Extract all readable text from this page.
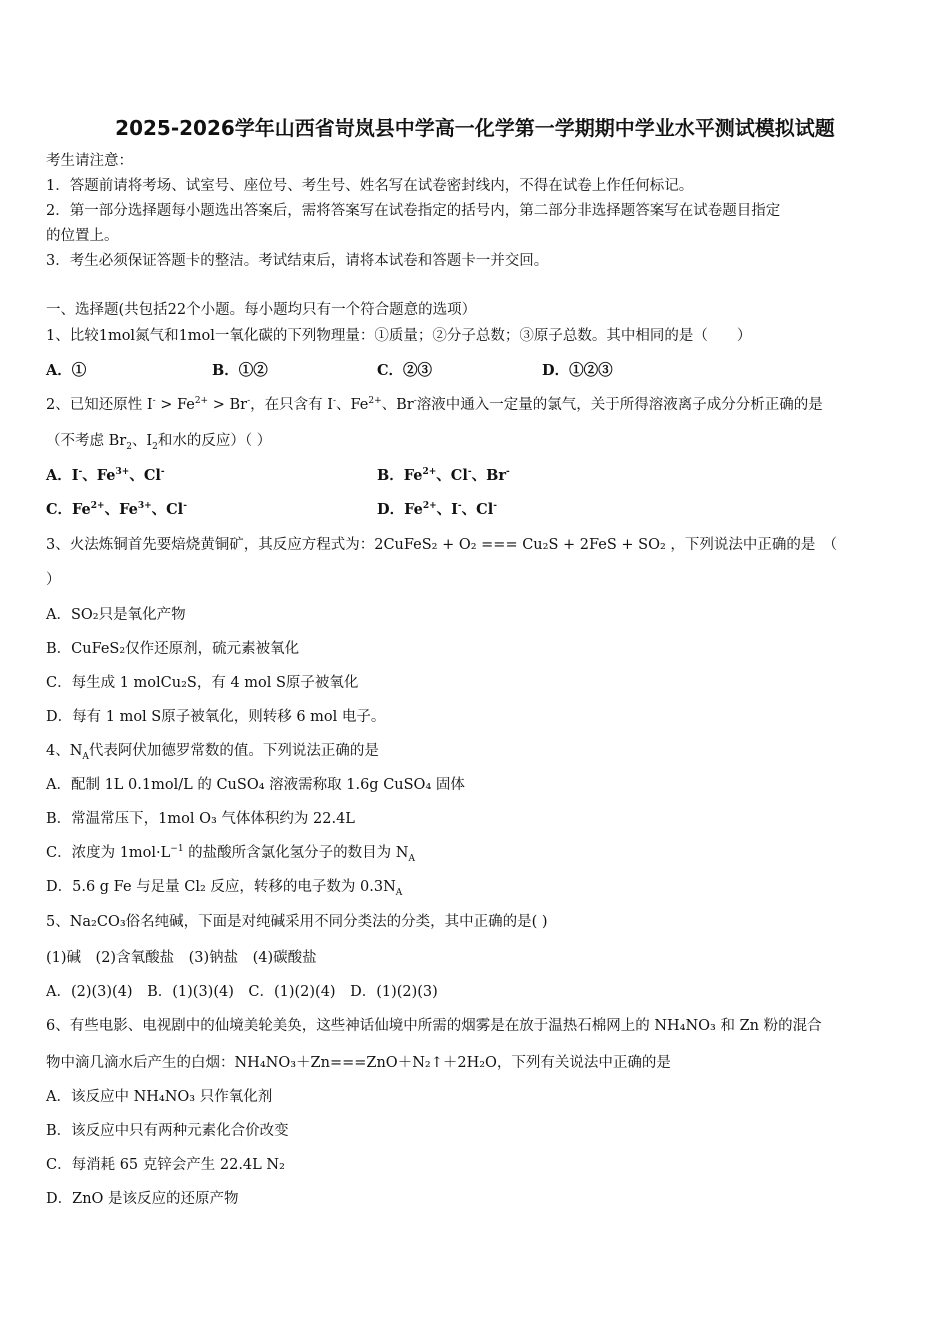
2025-2026学年山西省岢岚县中学高一化学第一学期期中学业水平测试模拟试题
考生请注意：
1．答题前请将考场、试室号、座位号、考生号、姓名写在试卷密封线内，不得在试卷上作任何标记。
2．第一部分选择题每小题选出答案后，需将答案写在试卷指定的括号内，第二部分非选择题答案写在试卷题目指定
的位置上。
3．考生必须保证答题卡的整洁。考试结束后，请将本试卷和答题卡一并交回。
一、选择题(共包括22个小题。每小题均只有一个符合题意的选项）
1、比较1mol氮气和1mol一氧化碳的下列物理量：①质量；②分子总数；③原子总数。其中相同的是（　　）
A．①	B．①②	C．②③	D．①②③
2、已知还原性 $I^- > Fe^{2+} > Br^-$，在只含有 I-、$Fe^{2+}$、Br-溶液中通入一定量的氯气，关于所得溶液离子成分分析正确的是
（不考虑 $Br_2$、$I_2$和水的反应）（ ）
A．I-、$Fe^{3+}$、Cl-	B．$Fe^{2+}$、Cl-、Br-
C．$Fe^{2+}$、$Fe^{3+}$、Cl-	D．$Fe^{2+}$、I-、Cl-
3、火法炼铜首先要焙烧黄铜矿，其反应方程式为：2CuFeS₂ + O₂ === Cu₂S + 2FeS + SO₂ ，下列说法中正确的是　（
）
A．SO₂只是氧化产物
B．CuFeS₂仅作还原剂，硫元素被氧化
C．每生成 1 molCu₂S，有 4 mol S原子被氧化
D．每有 1 mol S原子被氧化，则转移 6 mol 电子。
4、$N_A$代表阿伏加德罗常数的值。下列说法正确的是
A．配制 1L 0.1mol/L 的 CuSO₄ 溶液需称取 1.6g CuSO₄ 固体
B．常温常压下，1mol O₃ 气体体积约为 22.4L
C．浓度为 $1mol\cdot L^{-1}$ 的盐酸所含氯化氢分子的数目为 $N_A$
D．5.6 g Fe 与足量 Cl₂ 反应，转移的电子数为 $0.3N_A$
5、Na₂CO₃俗名纯碱，下面是对纯碱采用不同分类法的分类，其中正确的是( )
(1)碱　(2)含氧酸盐　(3)钠盐　(4)碳酸盐
A．(2)(3)(4)　B．(1)(3)(4)　C．(1)(2)(4)　D．(1)(2)(3)
6、有些电影、电视剧中的仙境美轮美奂，这些神话仙境中所需的烟雾是在放于温热石棉网上的 NH₄NO₃ 和 Zn 粉的混合
物中滴几滴水后产生的白烟：NH₄NO₃＋Zn===ZnO＋N₂↑＋2H₂O，下列有关说法中正确的是
A．该反应中 NH₄NO₃ 只作氧化剂
B．该反应中只有两种元素化合价改变
C．每消耗 65 克锌会产生 22.4L N₂
D．ZnO 是该反应的还原产物
